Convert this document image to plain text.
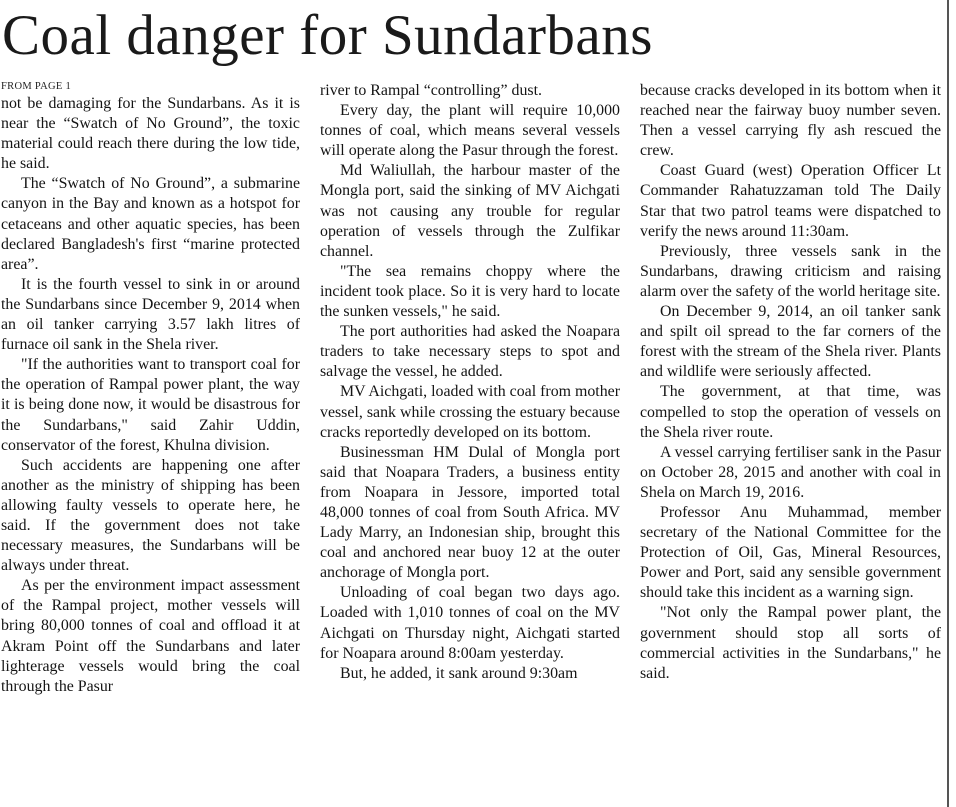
Coal danger for Sundarbans
FROM PAGE 1

not be damaging for the Sundarbans. As it is near the “Swatch of No Ground”, the toxic material could reach there during the low tide, he said.

The “Swatch of No Ground”, a submarine canyon in the Bay and known as a hotspot for cetaceans and other aquatic species, has been declared Bangladesh's first “marine protected area”.

It is the fourth vessel to sink in or around the Sundarbans since December 9, 2014 when an oil tanker carrying 3.57 lakh litres of furnace oil sank in the Shela river.

"If the authorities want to transport coal for the operation of Rampal power plant, the way it is being done now, it would be disastrous for the Sundarbans," said Zahir Uddin, conservator of the forest, Khulna division.

Such accidents are happening one after another as the ministry of shipping has been allowing faulty vessels to operate here, he said. If the government does not take necessary measures, the Sundarbans will be always under threat.

As per the environment impact assessment of the Rampal project, mother vessels will bring 80,000 tonnes of coal and offload it at Akram Point off the Sundarbans and later lighterage vessels would bring the coal through the Pasur

river to Rampal “controlling” dust.

Every day, the plant will require 10,000 tonnes of coal, which means several vessels will operate along the Pasur through the forest.

Md Waliullah, the harbour master of the Mongla port, said the sinking of MV Aichgati was not causing any trouble for regular operation of vessels through the Zulfikar channel.

"The sea remains choppy where the incident took place. So it is very hard to locate the sunken vessels," he said.

The port authorities had asked the Noapara traders to take necessary steps to spot and salvage the vessel, he added.

MV Aichgati, loaded with coal from mother vessel, sank while crossing the estuary because cracks reportedly developed on its bottom.

Businessman HM Dulal of Mongla port said that Noapara Traders, a business entity from Noapara in Jessore, imported total 48,000 tonnes of coal from South Africa. MV Lady Marry, an Indonesian ship, brought this coal and anchored near buoy 12 at the outer anchorage of Mongla port.

Unloading of coal began two days ago. Loaded with 1,010 tonnes of coal on the MV Aichgati on Thursday night, Aichgati started for Noapara around 8:00am yesterday.

But, he added, it sank around 9:30am

because cracks developed in its bottom when it reached near the fairway buoy number seven. Then a vessel carrying fly ash rescued the crew.

Coast Guard (west) Operation Officer Lt Commander Rahatuzzaman told The Daily Star that two patrol teams were dispatched to verify the news around 11:30am.

Previously, three vessels sank in the Sundarbans, drawing criticism and raising alarm over the safety of the world heritage site.

On December 9, 2014, an oil tanker sank and spilt oil spread to the far corners of the forest with the stream of the Shela river. Plants and wildlife were seriously affected.

The government, at that time, was compelled to stop the operation of vessels on the Shela river route.

A vessel carrying fertiliser sank in the Pasur on October 28, 2015 and another with coal in Shela on March 19, 2016.

Professor Anu Muhammad, member secretary of the National Committee for the Protection of Oil, Gas, Mineral Resources, Power and Port, said any sensible government should take this incident as a warning sign.

"Not only the Rampal power plant, the government should stop all sorts of commercial activities in the Sundarbans," he said.
